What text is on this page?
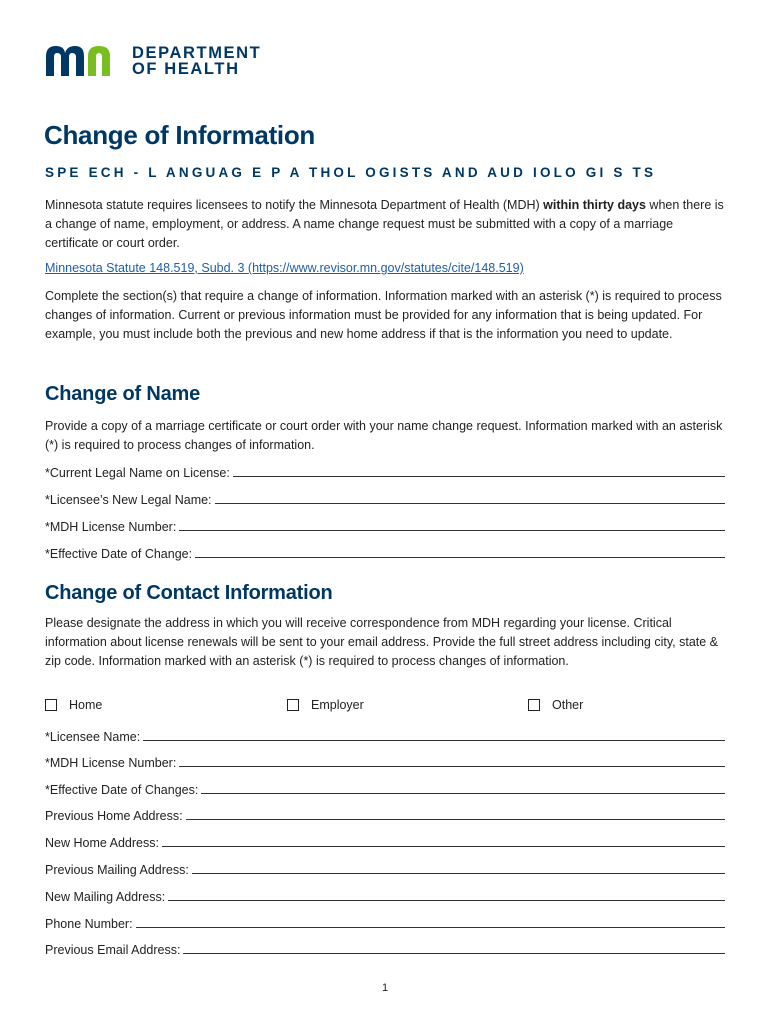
DEPARTMENT
OF HEALTH
Change of Information
SPE ECH - L ANGUAG E P A THOL OGISTS AND AUD IOLO GI S TS

Minnesota statute requires licensees to notify the Minnesota Department of Health (MDH) within thirty days when there is a change of name, employment, or address. A name change request must be submitted with a copy of a marriage certificate or court order.

Minnesota Statute 148.519, Subd. 3 (https://www.revisor.mn.gov/statutes/cite/148.519)

Complete the section(s) that require a change of information. Information marked with an asterisk (*) is required to process changes of information. Current or previous information must be provided for any information that is being updated. For example, you must include both the previous and new home address if that is the information you need to update.

Change of Name

Provide a copy of a marriage certificate or court order with your name change request. Information marked with an asterisk (*) is required to process changes of information.

*Current Legal Name on License:
*Licensee’s New Legal Name:
*MDH License Number:
*Effective Date of Change:
Change of Contact Information

Please designate the address in which you will receive correspondence from MDH regarding your license. Critical information about license renewals will be sent to your email address. Provide the full street address including city, state & zip code. Information marked with an asterisk (*) is required to process changes of information.

Home	Employer	Other
*Licensee Name:
*MDH License Number:
*Effective Date of Changes:
Previous Home Address:
New Home Address:
Previous Mailing Address:
New Mailing Address:
Phone Number:
Previous Email Address:
1
